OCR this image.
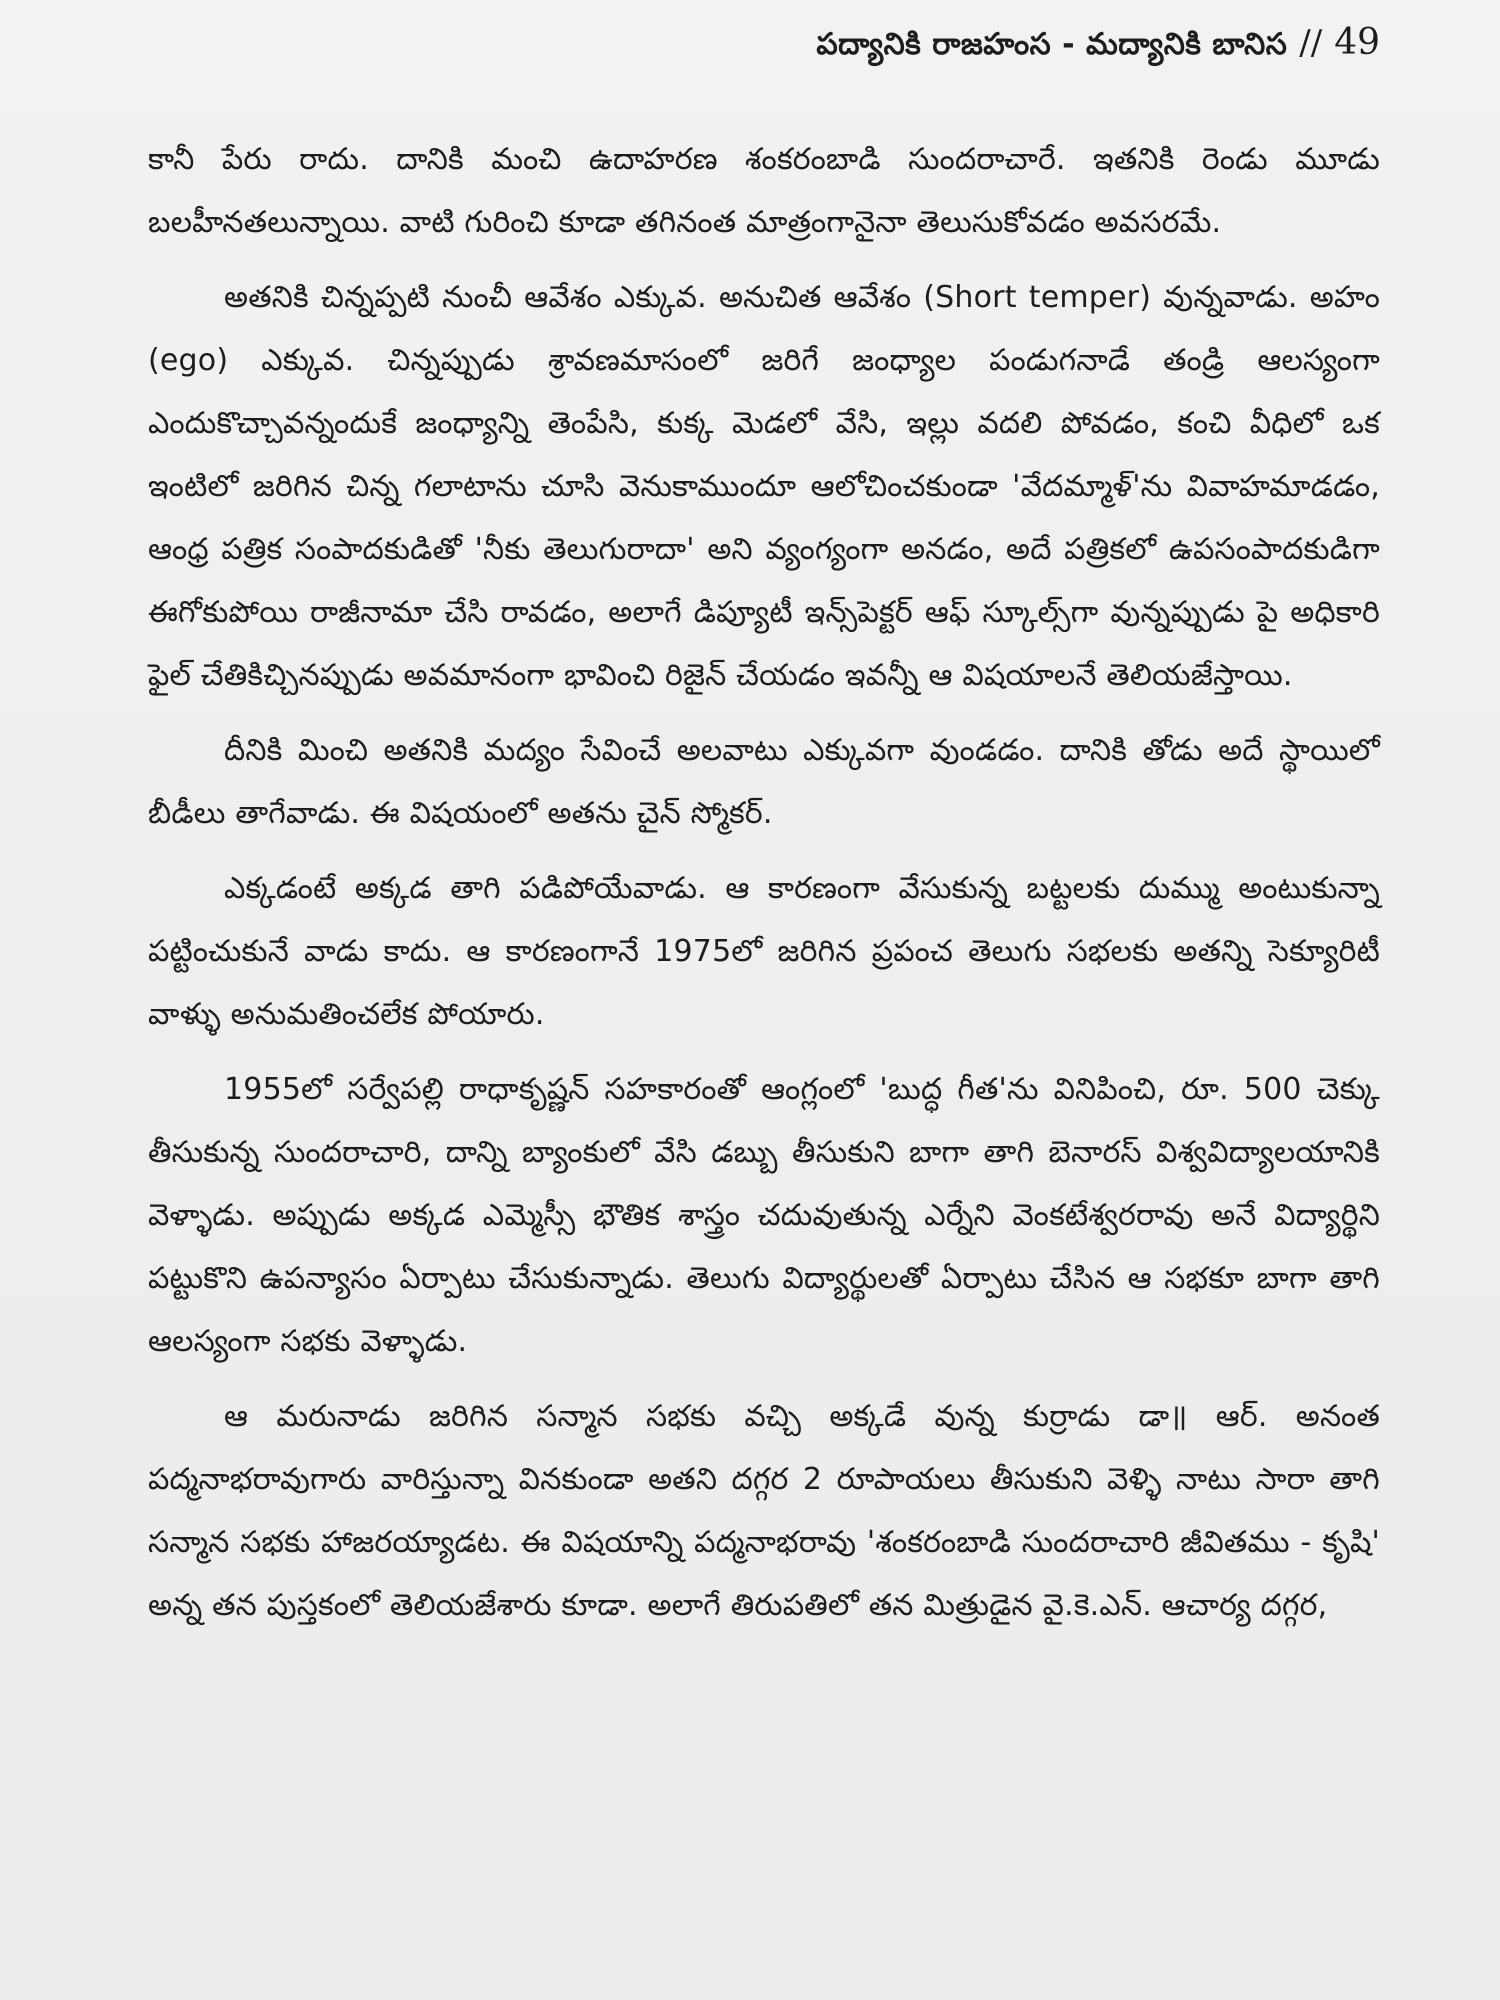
పద్యానికి రాజహంస - మద్యానికి బానిస // 49

కానీ పేరు రాదు. దానికి మంచి ఉదాహరణ శంకరంబాడి సుందరాచారే. ఇతనికి రెండు మూడు బలహీనతలున్నాయి. వాటి గురించి కూడా తగినంత మాత్రంగానైనా తెలుసుకోవడం అవసరమే.

అతనికి చిన్నప్పటి నుంచీ ఆవేశం ఎక్కువ. అనుచిత ఆవేశం (Short temper) వున్నవాడు. అహం (ego) ఎక్కువ. చిన్నప్పుడు శ్రావణమాసంలో జరిగే జంధ్యాల పండుగనాడే తండ్రి ఆలస్యంగా ఎందుకొచ్చావన్నందుకే జంధ్యాన్ని తెంపేసి, కుక్క మెడలో వేసి, ఇల్లు వదలి పోవడం, కంచి వీధిలో ఒక ఇంటిలో జరిగిన చిన్న గలాటాను చూసి వెనుకాముందూ ఆలోచించకుండా 'వేదమ్మాళ్'ను వివాహమాడడం, ఆంధ్ర పత్రిక సంపాదకుడితో 'నీకు తెలుగురాదా' అని వ్యంగ్యంగా అనడం, అదే పత్రికలో ఉపసంపాదకుడిగా ఈగోకుపోయి రాజీనామా చేసి రావడం, అలాగే డిప్యూటీ ఇన్స్‌పెక్టర్ ఆఫ్ స్కూల్స్‌గా వున్నప్పుడు పై అధికారి ఫైల్ చేతికిచ్చినప్పుడు అవమానంగా భావించి రిజైన్ చేయడం ఇవన్నీ ఆ విషయాలనే తెలియజేస్తాయి.

దీనికి మించి అతనికి మద్యం సేవించే అలవాటు ఎక్కువగా వుండడం. దానికి తోడు అదే స్థాయిలో బీడీలు తాగేవాడు. ఈ విషయంలో అతను చైన్ స్మోకర్.

ఎక్కడంటే అక్కడ తాగి పడిపోయేవాడు. ఆ కారణంగా వేసుకున్న బట్టలకు దుమ్ము అంటుకున్నా పట్టించుకునే వాడు కాదు. ఆ కారణంగానే 1975లో జరిగిన ప్రపంచ తెలుగు సభలకు అతన్ని సెక్యూరిటీ వాళ్ళు అనుమతించలేక పోయారు.

1955లో సర్వేపల్లి రాధాకృష్ణన్ సహకారంతో ఆంగ్లంలో 'బుద్ధ గీత'ను వినిపించి, రూ. 500 చెక్కు తీసుకున్న సుందరాచారి, దాన్ని బ్యాంకులో వేసి డబ్బు తీసుకుని బాగా తాగి బెనారస్ విశ్వవిద్యాలయానికి వెళ్ళాడు. అప్పుడు అక్కడ ఎమ్మెస్సీ భౌతిక శాస్త్రం చదువుతున్న ఎర్నేని వెంకటేశ్వరరావు అనే విద్యార్థిని పట్టుకొని ఉపన్యాసం ఏర్పాటు చేసుకున్నాడు. తెలుగు విద్యార్థులతో ఏర్పాటు చేసిన ఆ సభకూ బాగా తాగి ఆలస్యంగా సభకు వెళ్ళాడు.

ఆ మరునాడు జరిగిన సన్మాన సభకు వచ్చి అక్కడే వున్న కుర్రాడు డా॥ ఆర్. అనంత పద్మనాభరావుగారు వారిస్తున్నా వినకుండా అతని దగ్గర 2 రూపాయలు తీసుకుని వెళ్ళి నాటు సారా తాగి సన్మాన సభకు హాజరయ్యాడట. ఈ విషయాన్ని పద్మనాభరావు 'శంకరంబాడి సుందరాచారి జీవితము - కృషి' అన్న తన పుస్తకంలో తెలియజేశారు కూడా. అలాగే తిరుపతిలో తన మిత్రుడైన వై.కె.ఎన్. ఆచార్య దగ్గర,
